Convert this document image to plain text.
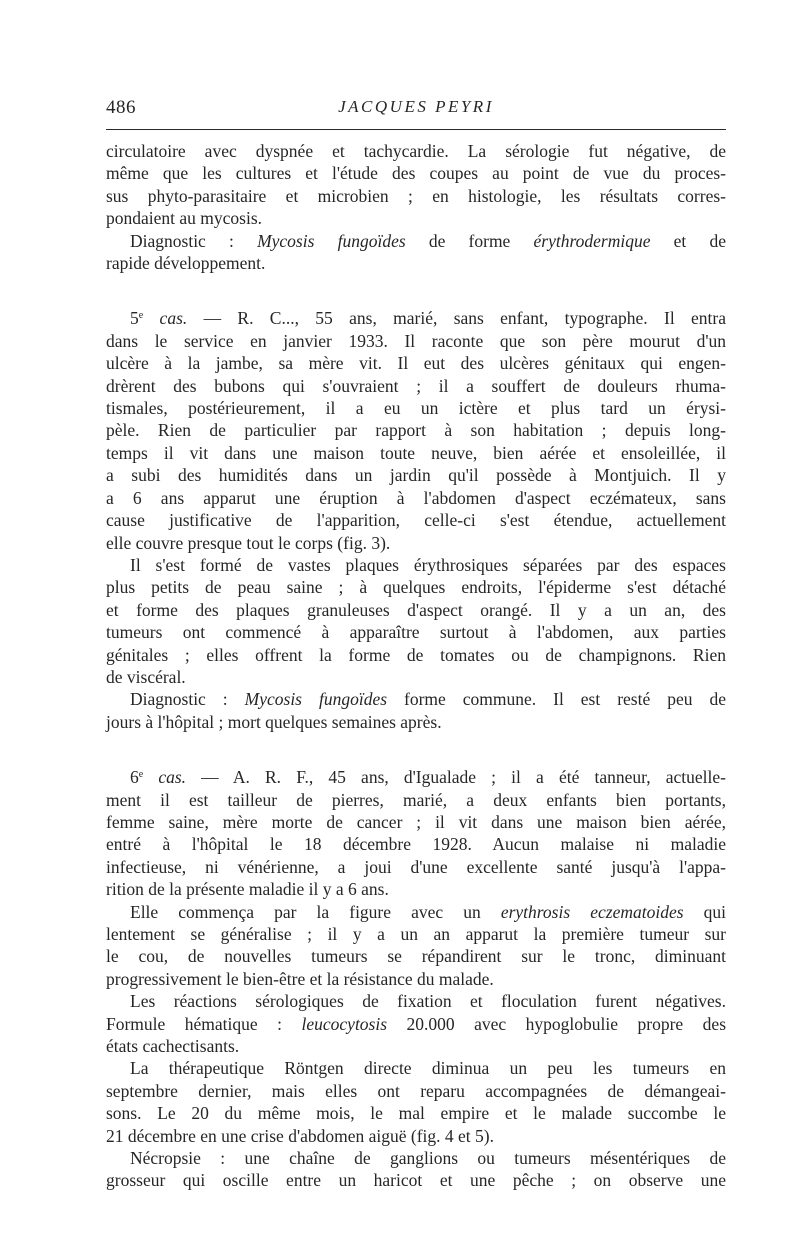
486	JACQUES PEYRI
circulatoire avec dyspnée et tachycardie. La sérologie fut négative, de
même que les cultures et l'étude des coupes au point de vue du proces-
sus phyto-parasitaire et microbien ; en histologie, les résultats corres-
pondaient au mycosis.
Diagnostic : Mycosis fungoïdes de forme érythrodermique et de
rapide développement.
5e cas. — R. C..., 55 ans, marié, sans enfant, typographe. Il entra
dans le service en janvier 1933. Il raconte que son père mourut d'un
ulcère à la jambe, sa mère vit. Il eut des ulcères génitaux qui engen-
drèrent des bubons qui s'ouvraient ; il a souffert de douleurs rhuma-
tismales, postérieurement, il a eu un ictère et plus tard un érysi-
pèle. Rien de particulier par rapport à son habitation ; depuis long-
temps il vit dans une maison toute neuve, bien aérée et ensoleillée, il
a subi des humidités dans un jardin qu'il possède à Montjuich. Il y
a 6 ans apparut une éruption à l'abdomen d'aspect eczémateux, sans
cause justificative de l'apparition, celle-ci s'est étendue, actuellement
elle couvre presque tout le corps (fig. 3).
Il s'est formé de vastes plaques érythrosiques séparées par des espaces
plus petits de peau saine ; à quelques endroits, l'épiderme s'est détaché
et forme des plaques granuleuses d'aspect orangé. Il y a un an, des
tumeurs ont commencé à apparaître surtout à l'abdomen, aux parties
génitales ; elles offrent la forme de tomates ou de champignons. Rien
de viscéral.
Diagnostic : Mycosis fungoïdes forme commune. Il est resté peu de
jours à l'hôpital ; mort quelques semaines après.
6e cas. — A. R. F., 45 ans, d'Igualade ; il a été tanneur, actuelle-
ment il est tailleur de pierres, marié, a deux enfants bien portants,
femme saine, mère morte de cancer ; il vit dans une maison bien aérée,
entré à l'hôpital le 18 décembre 1928. Aucun malaise ni maladie
infectieuse, ni vénérienne, a joui d'une excellente santé jusqu'à l'appa-
rition de la présente maladie il y a 6 ans.
Elle commença par la figure avec un erythrosis eczematoides qui
lentement se généralise ; il y a un an apparut la première tumeur sur
le cou, de nouvelles tumeurs se répandirent sur le tronc, diminuant
progressivement le bien-être et la résistance du malade.
Les réactions sérologiques de fixation et floculation furent négatives.
Formule hématique : leucocytosis 20.000 avec hypoglobulie propre des
états cachectisants.
La thérapeutique Röntgen directe diminua un peu les tumeurs en
septembre dernier, mais elles ont reparu accompagnées de démangeai-
sons. Le 20 du même mois, le mal empire et le malade succombe le
21 décembre en une crise d'abdomen aiguë (fig. 4 et 5).
Nécropsie : une chaîne de ganglions ou tumeurs mésentériques de
grosseur qui oscille entre un haricot et une pêche ; on observe une
